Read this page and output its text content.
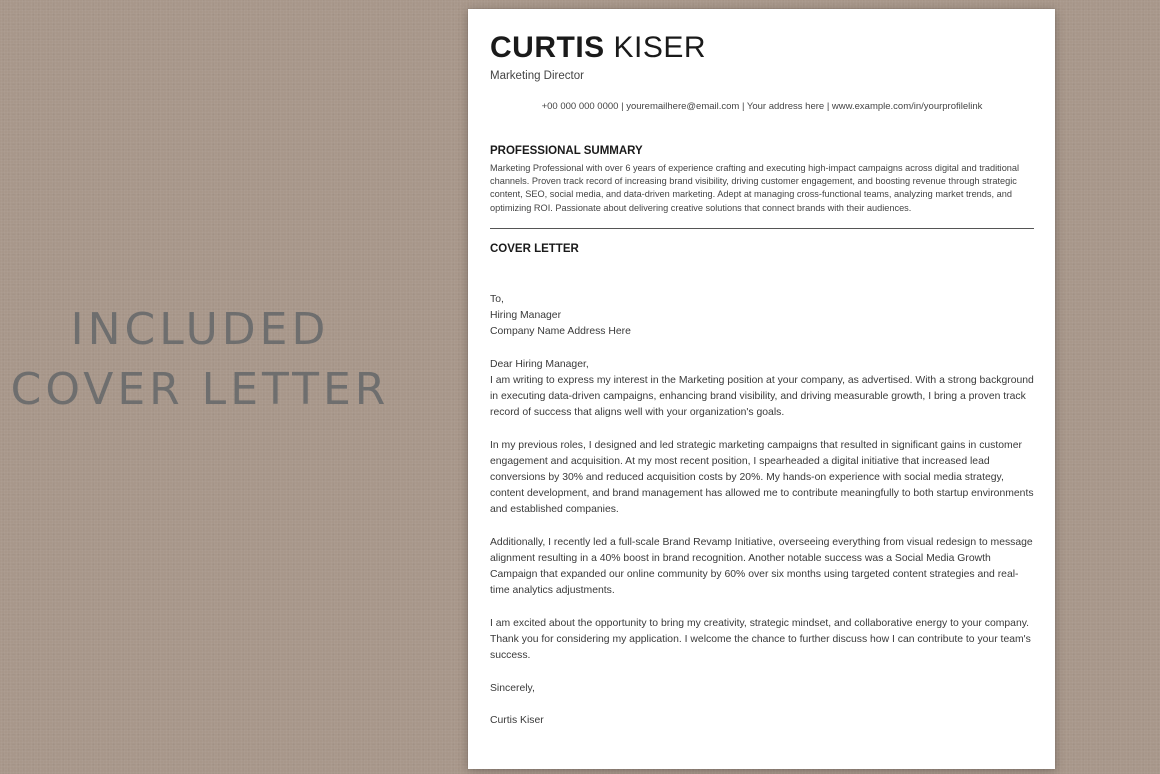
INCLUDED
COVER LETTER
CURTIS KISER
Marketing Director
+00 000 000 0000 | youremailhere@email.com | Your address here | www.example.com/in/yourprofilelink
PROFESSIONAL SUMMARY
Marketing Professional with over 6 years of experience crafting and executing high-impact campaigns across digital and traditional channels. Proven track record of increasing brand visibility, driving customer engagement, and boosting revenue through strategic content, SEO, social media, and data-driven marketing. Adept at managing cross-functional teams, analyzing market trends, and optimizing ROI. Passionate about delivering creative solutions that connect brands with their audiences.
COVER LETTER
To,
Hiring Manager
Company Name Address Here
Dear Hiring Manager,
I am writing to express my interest in the Marketing position at your company, as advertised. With a strong background in executing data-driven campaigns, enhancing brand visibility, and driving measurable growth, I bring a proven track record of success that aligns well with your organization's goals.
In my previous roles, I designed and led strategic marketing campaigns that resulted in significant gains in customer engagement and acquisition. At my most recent position, I spearheaded a digital initiative that increased lead conversions by 30% and reduced acquisition costs by 20%. My hands-on experience with social media strategy, content development, and brand management has allowed me to contribute meaningfully to both startup environments and established companies.
Additionally, I recently led a full-scale Brand Revamp Initiative, overseeing everything from visual redesign to message alignment resulting in a 40% boost in brand recognition. Another notable success was a Social Media Growth Campaign that expanded our online community by 60% over six months using targeted content strategies and real-time analytics adjustments.
I am excited about the opportunity to bring my creativity, strategic mindset, and collaborative energy to your company. Thank you for considering my application. I welcome the chance to further discuss how I can contribute to your team's success.
Sincerely,
Curtis Kiser
